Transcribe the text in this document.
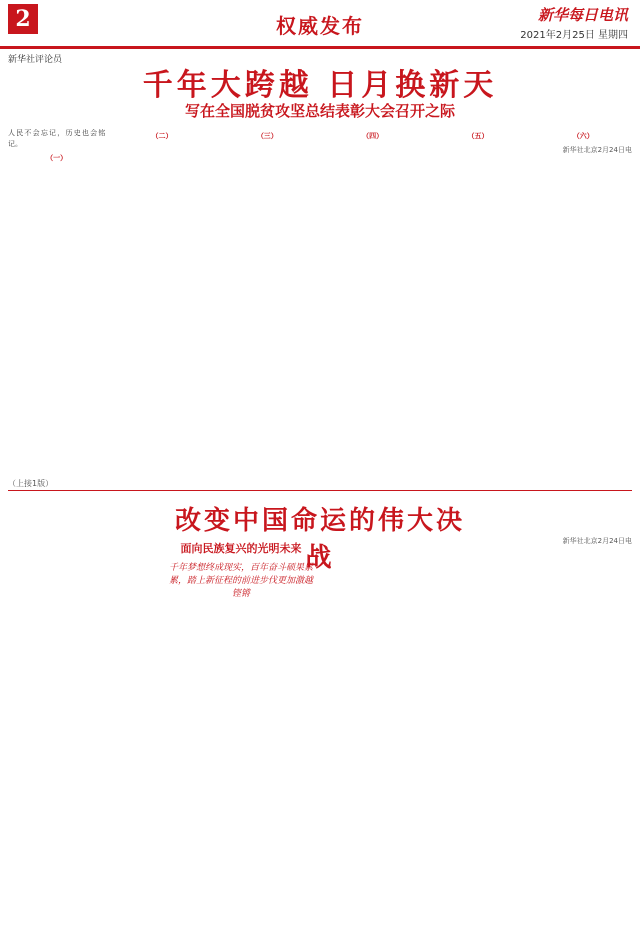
2	权威发布	新华每日电讯
2021年2月25日 星期四
新华社评论员
千年大跨越 日月换新天
写在全国脱贫攻坚总结表彰大会召开之际
人民不会忘记，历史也会铭记。
（一）
（二）	（三）	（四）	（五）	（六）
新华社北京2月24日电
（上接1版）
改变中国命运的伟大决战
面向民族复兴的光明未来
千年梦想终成现实，百年奋斗硕果累累，踏上新征程的前进步伐更加激越铿锵
新华社北京2月24日电
